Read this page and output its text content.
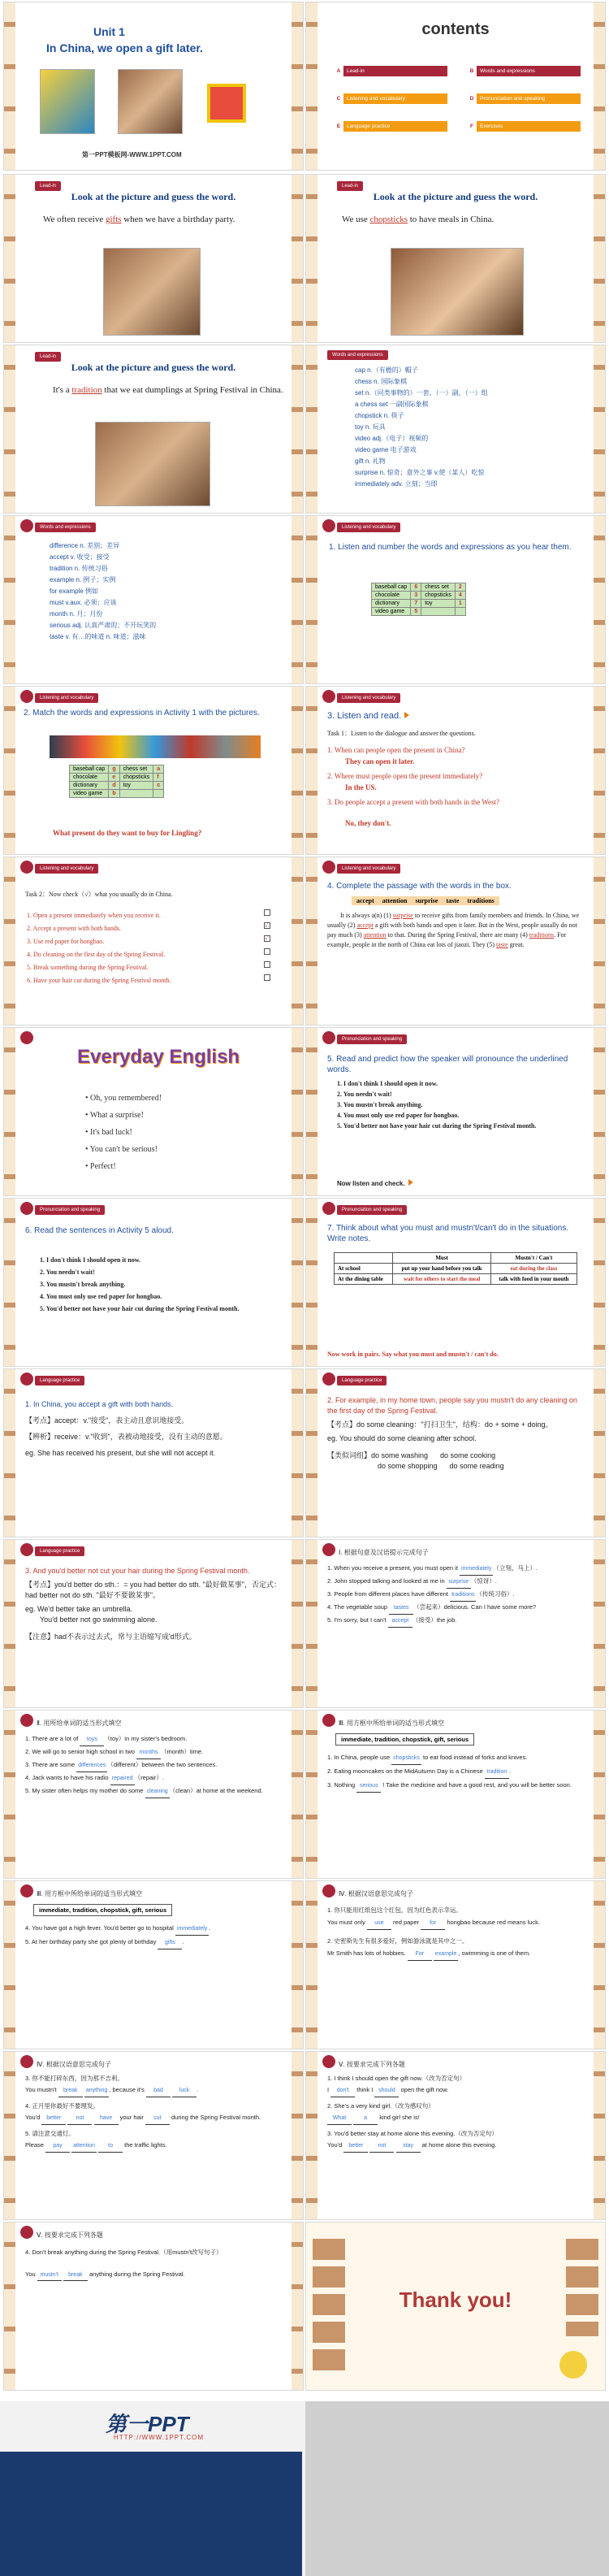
Unit 1
In China, we open a gift later.
第一PPT模板网-WWW.1PPT.COM
contents
A Lead-in	B Words and expressions
C Listening and vocabulary	D Pronunciation and speaking
E Language practice	F Exercises
Lead-in
Look at the picture and guess the word.
We often receive gifts when we have a birthday party.
Lead-in
Look at the picture and guess the word.
We use chopsticks to have meals in China.
Lead-in
Look at the picture and guess the word.
It's a tradition that we eat dumplings at Spring Festival in China.
Words and expressions
cap n.（有檐的）帽子
chess n. 国际象棋
set n.（同类事物的）一套，（一）副，（一）组
a chess set 一副国际象棋
chopstick n. 筷子
toy n. 玩具
video adj.（电子）视频的
video game 电子游戏
gift n. 礼物
surprise n. 惊奇；意外之事 v.使（某人）吃惊
immediately adv. 立刻；当即
Words and expressions
difference n. 差别；差异
accept v. 收受；接受
tradition n. 传统习俗
example n. 例子；实例
for example 例如
must v.aux. 必须；应该
month n. 月；月份
serious adj. 认真严肃的；不开玩笑的
taste v. 有…的味道 n. 味道；滋味
Listening and vocabulary
1. Listen and number the words and expressions as you hear them.
baseball cap	6	chess set	2
chocolate	3	chopsticks	4
dictionary	7	toy	1
video game	5		
Listening and vocabulary
2. Match the words and expressions in Activity 1 with the pictures.
baseball cap	g	chess set	a
chocolate	e	chopsticks	f
dictionary	d	toy	c
video game	b		
What present do they want to buy for Lingling?
Listening and vocabulary
3. Listen and read.
Task 1：Listen to the dialogue and answer the questions.
1. When can people open the present in China?
They can open it later.
2. Where must people open the present immediately?
In the US.
3. Do people accept a present with both hands in the West?
No, they don't.
Listening and vocabulary
Task 2：Now check（√）what you usually do in China.
1. Open a present immediately when you receive it.
2. Accept a present with both hands.	√
3. Use red paper for hongbao.	√
4. Do cleaning on the first day of the Spring Festival.
5. Break something during the Spring Festival.
6. Have your hair cut during the Spring Festival month.
Listening and vocabulary
4. Complete the passage with the words in the box.
accept attention surprise taste traditions
It is always a(n) (1) surprise to receive gifts from family members and friends. In China, we usually (2) accept a gift with both hands and open it later. But in the West, people usually do not pay much (3) attention to that. During the Spring Festival, there are many (4) traditions. For example, people in the north of China eat lots of jiaozi. They (5) taste great.
Everyday English
• Oh, you remembered!
• What a surprise!
• It's bad luck!
• You can't be serious!
• Perfect!
Pronunciation and speaking
5. Read and predict how the speaker will pronounce the underlined words.
1. I don't think I should open it now.
2. You needn't wait!
3. You mustn't break anything.
4. You must only use red paper for hongbao.
5. You'd better not have your hair cut during the Spring Festival month.
Now listen and check.
Pronunciation and speaking
6. Read the sentences in Activity 5 aloud.
1. I don't think I should open it now.
2. You needn't wait!
3. You mustn't break anything.
4. You must only use red paper for hongbao.
5. You'd better not have your hair cut during the Spring Festival month.
Pronunciation and speaking
7. Think about what you must and mustn't/can't do in the situations. Write notes.
	Must	Mustn't / Can't
At school	put up your hand before you talk	eat during the class
At the dining table	wait for others to start the meal	talk with food in your mouth
Now work in pairs. Say what you must and mustn't / can't do.
Language practice
1. In China, you accept a gift with both hands.
【考点】accept：v."接受"，表主动且意识地接受。
【辨析】receive：v."收到"，表被动地接受，没有主动的意愿。
eg. She has received his present, but she will not accept it.
Language practice
2. For example, in my home town, people say you mustn't do any cleaning on the first day of the Spring Festival.
【考点】do some cleaning："打扫卫生"，结构：do + some + doing。
eg. You should do some cleaning after school.
【类似词组】do some washing      do some cooking
do some shopping      do some reading
Language practice
3. And you'd better not cut your hair during the Spring Festival month.
【考点】you'd better do sth.：= you had better do sth. "最好做某事"，否定式：had better not do sth. "最好不要做某事"。
eg. We'd better take an umbrella.
You'd better not go swimming alone.
【注意】had不表示过去式，常与主语缩写成'd形式。
Ⅰ. 根据句意及汉语提示完成句子
1. When you receive a present, you must open it immediately （立刻，马上）.
2. John stopped talking and looked at me in surprise （惊讶）.
3. People from different places have different traditions （传统习俗）.
4. The vegetable soup tastes （尝起来）delicious. Can I have some more?
5. I'm sorry, but I can't accept （接受）the job.
Ⅱ. 用所给单词的适当形式填空
1. There are a lot of toys （toy）in my sister's bedroom.
2. We will go to senior high school in two months （month）time.
3. There are some differences （different）between the two sentences.
4. Jack wants to have his radio repaired （repair）.
5. My sister often helps my mother do some cleaning （clean）at home at the weekend.
Ⅲ. 用方框中所给单词的适当形式填空
immediate, tradition, chopstick, gift, serious
1. In China, people use chopsticks to eat food instead of forks and knives.
2. Eating mooncakes on the MidAutumn Day is a Chinese tradition .
3. Nothing serious ! Take the medicine and have a good rest, and you will be better soon.
Ⅲ. 用方框中所给单词的适当形式填空
immediate, tradition, chopstick, gift, serious
4. You have got a high fever. You'd better go to hospital immediately .
5. At her birthday party she got plenty of birthday gifts .
Ⅳ. 根据汉语意思完成句子
1. 你只能用红纸包这个红包，因为红色表示幸运。
You must only use red paper for hongbao because red means luck.
2. 史密斯先生有很多爱好，例如游泳就是其中之一。
Mr Smith has lots of hobbies. For example , swimming is one of them.
Ⅳ. 根据汉语意思完成句子
3. 你不能打碎东西，因为那不吉利。
You mustn't break anything , because it's bad	luck .
4. 正月里你最好不要理发。
You'd better	not	have your hair cut during the Spring Festival month.
5. 请注意交通灯。
Please pay attention to the traffic lights.
Ⅴ. 按要求完成下列各题
1. I think I should open the gift now.（改为否定句）
I don't think I should open the gift now.
2. She's a very kind girl.（改为感叹句）
What	a kind girl she is!
3. You'd better stay at home alone this evening.（改为否定句）
You'd better	not	stay at home alone this evening.
Ⅴ. 按要求完成下列各题
4. Don't break anything during the Spring Festival.（用mustn't改写句子）
You mustn't break anything during the Spring Festival.
Thank you!
第一PPT
HTTP://WWW.1PPT.COM
